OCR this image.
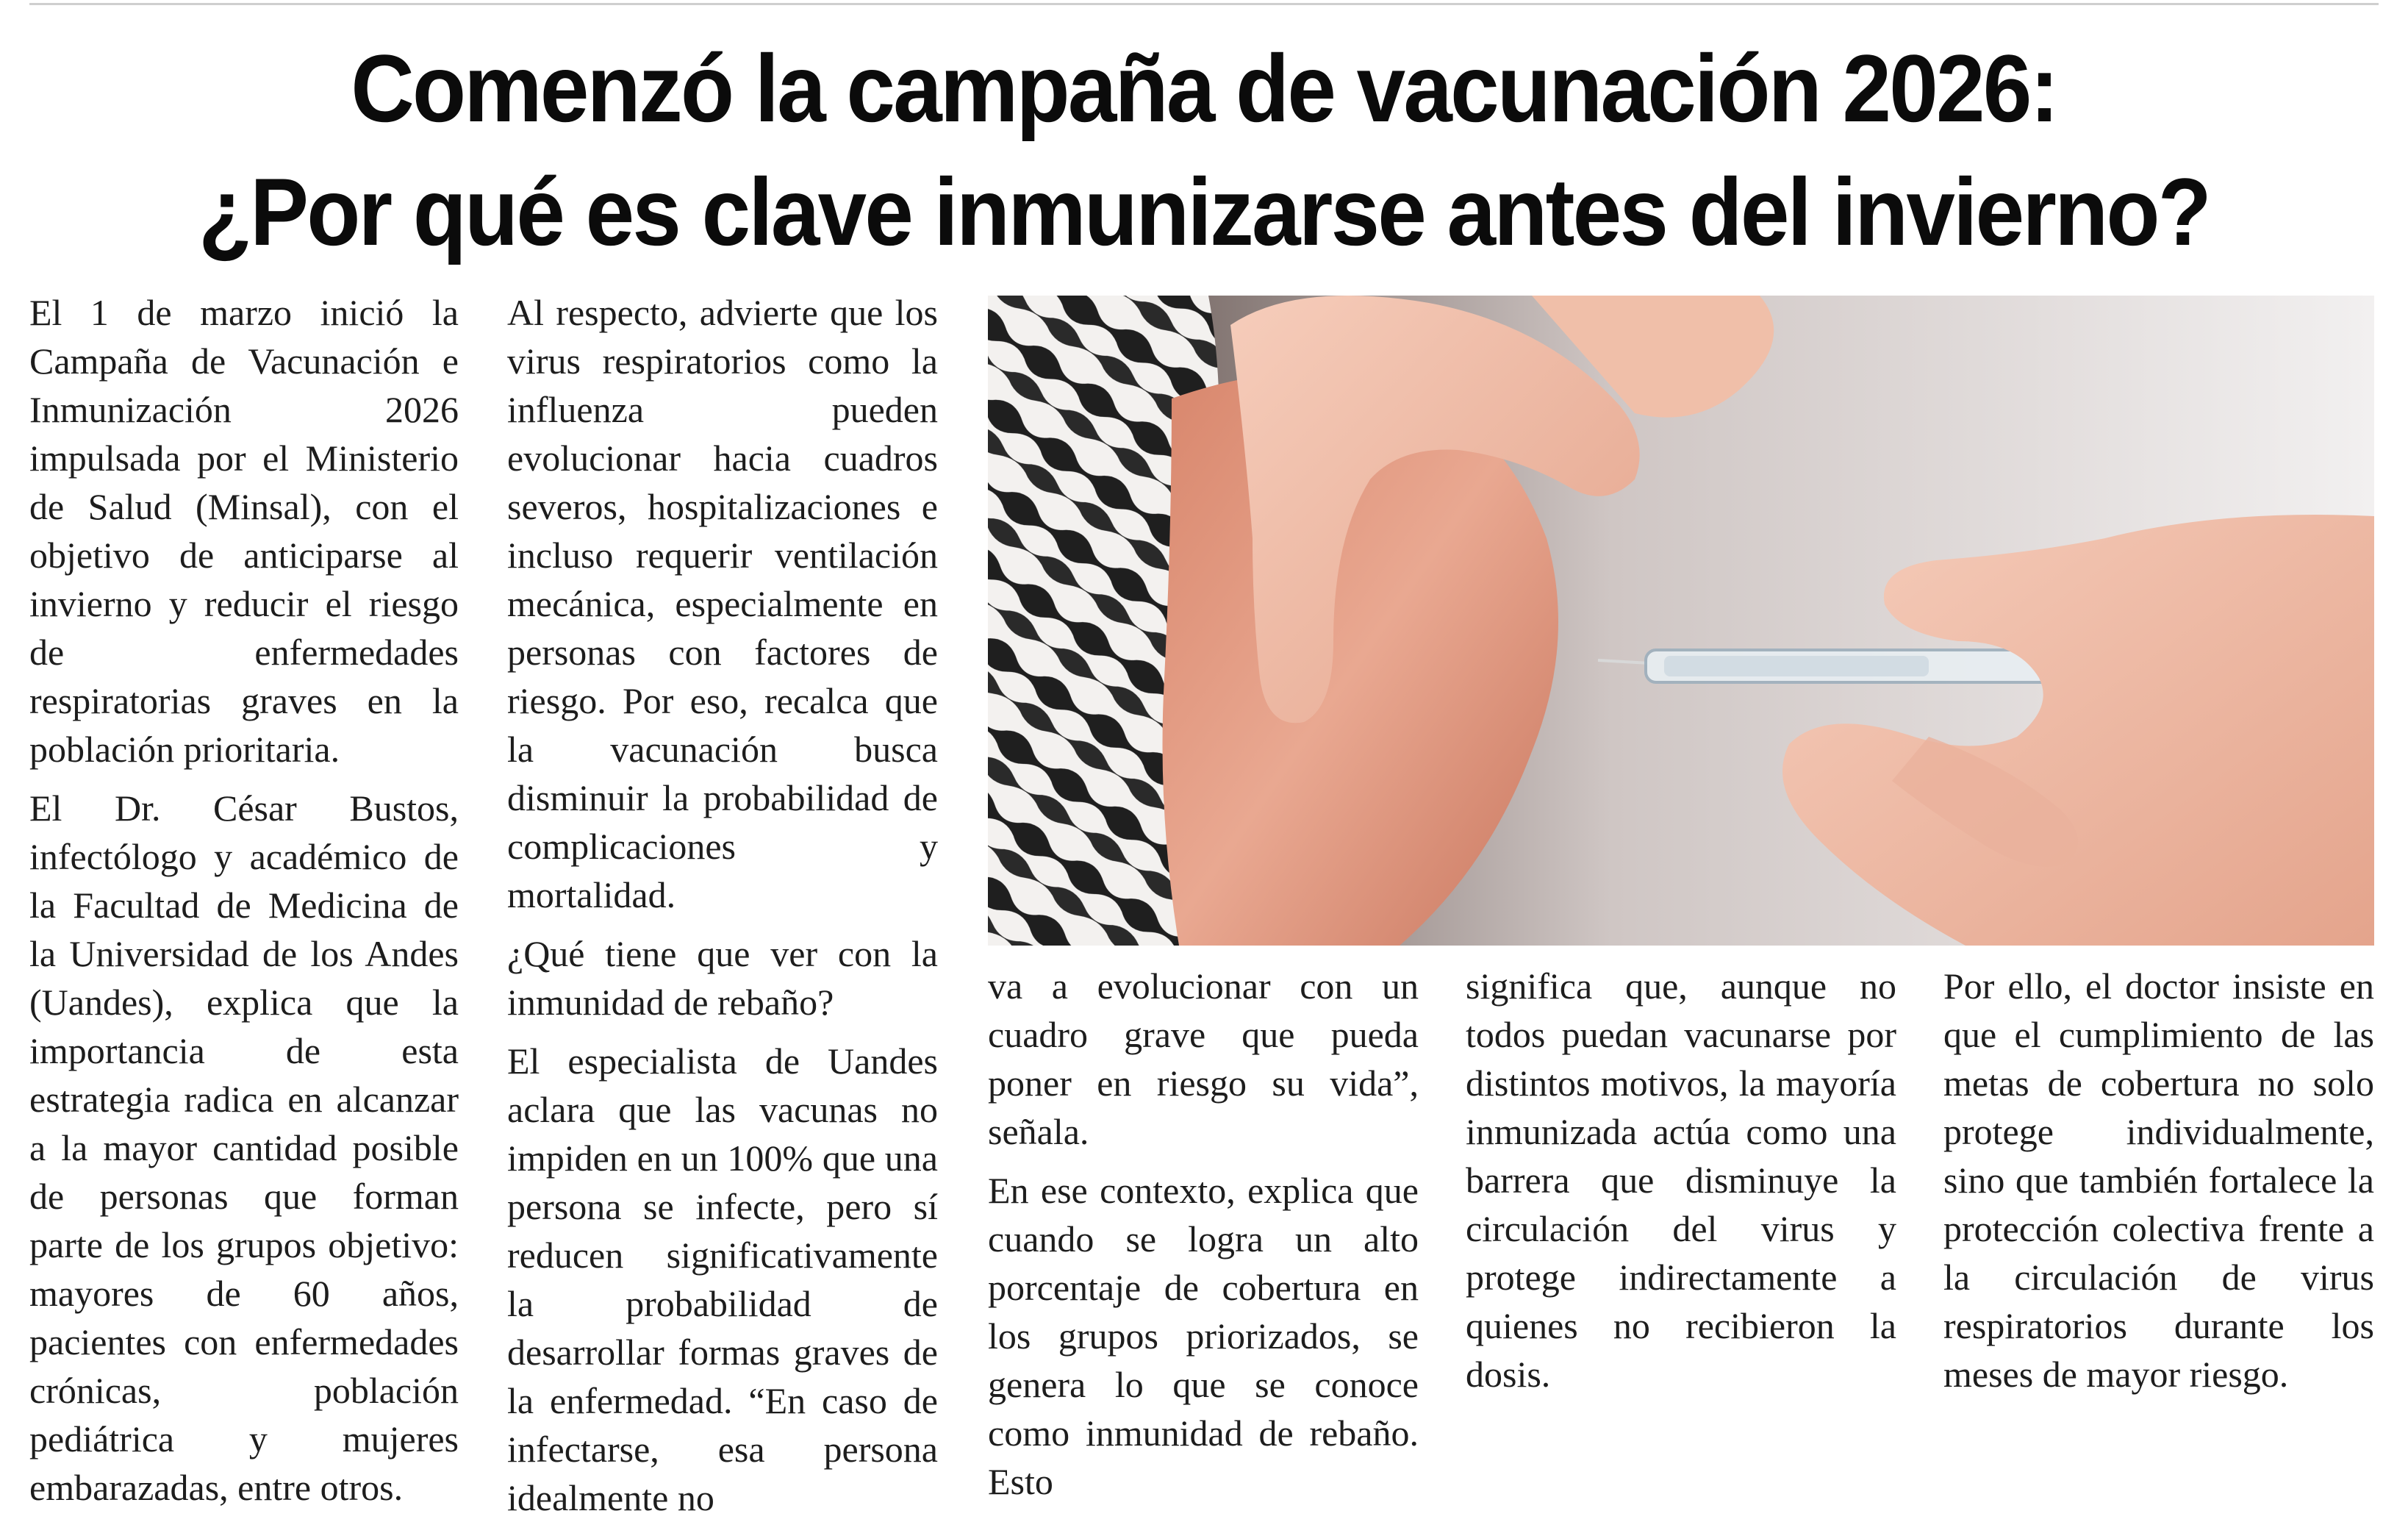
Comenzó la campaña de vacunación 2026:
¿Por qué es clave inmunizarse antes del invierno?

El 1 de marzo inició la Campaña de Vacunación e Inmunización 2026 impulsada por el Ministerio de Salud (Minsal), con el objetivo de anticiparse al invierno y reducir el riesgo de enfermedades respiratorias graves en la población prioritaria.

El Dr. César Bustos, infectólogo y académico de la Facultad de Medicina de la Universidad de los Andes (Uandes), explica que la importancia de esta estrategia radica en alcanzar a la mayor cantidad posible de personas que forman parte de los grupos objetivo: mayores de 60 años, pacientes con enfermedades crónicas, población pediátrica y mujeres embarazadas, entre otros.

Al respecto, advierte que los virus respiratorios como la influenza pueden evolucionar hacia cuadros severos, hospitalizaciones e incluso requerir ventilación mecánica, especialmente en personas con factores de riesgo. Por eso, recalca que la vacunación busca disminuir la probabilidad de complicaciones y mortalidad.

¿Qué tiene que ver con la inmunidad de rebaño?

El especialista de Uandes aclara que las vacunas no impiden en un 100% que una persona se infecte, pero sí reducen significativamente la probabilidad de desarrollar formas graves de la enfermedad. “En caso de infectarse, esa persona idealmente no

va a evolucionar con un cuadro grave que pueda poner en riesgo su vida”, señala.

En ese contexto, explica que cuando se logra un alto porcentaje de cobertura en los grupos priorizados, se genera lo que se conoce como inmunidad de rebaño. Esto

significa que, aunque no todos puedan vacunarse por distintos motivos, la mayoría inmunizada actúa como una barrera que disminuye la circulación del virus y protege indirectamente a quienes no recibieron la dosis.

Por ello, el doctor insiste en que el cumplimiento de las metas de cobertura no solo protege individualmente, sino que también fortalece la protección colectiva frente a la circulación de virus respiratorios durante los meses de mayor riesgo.
